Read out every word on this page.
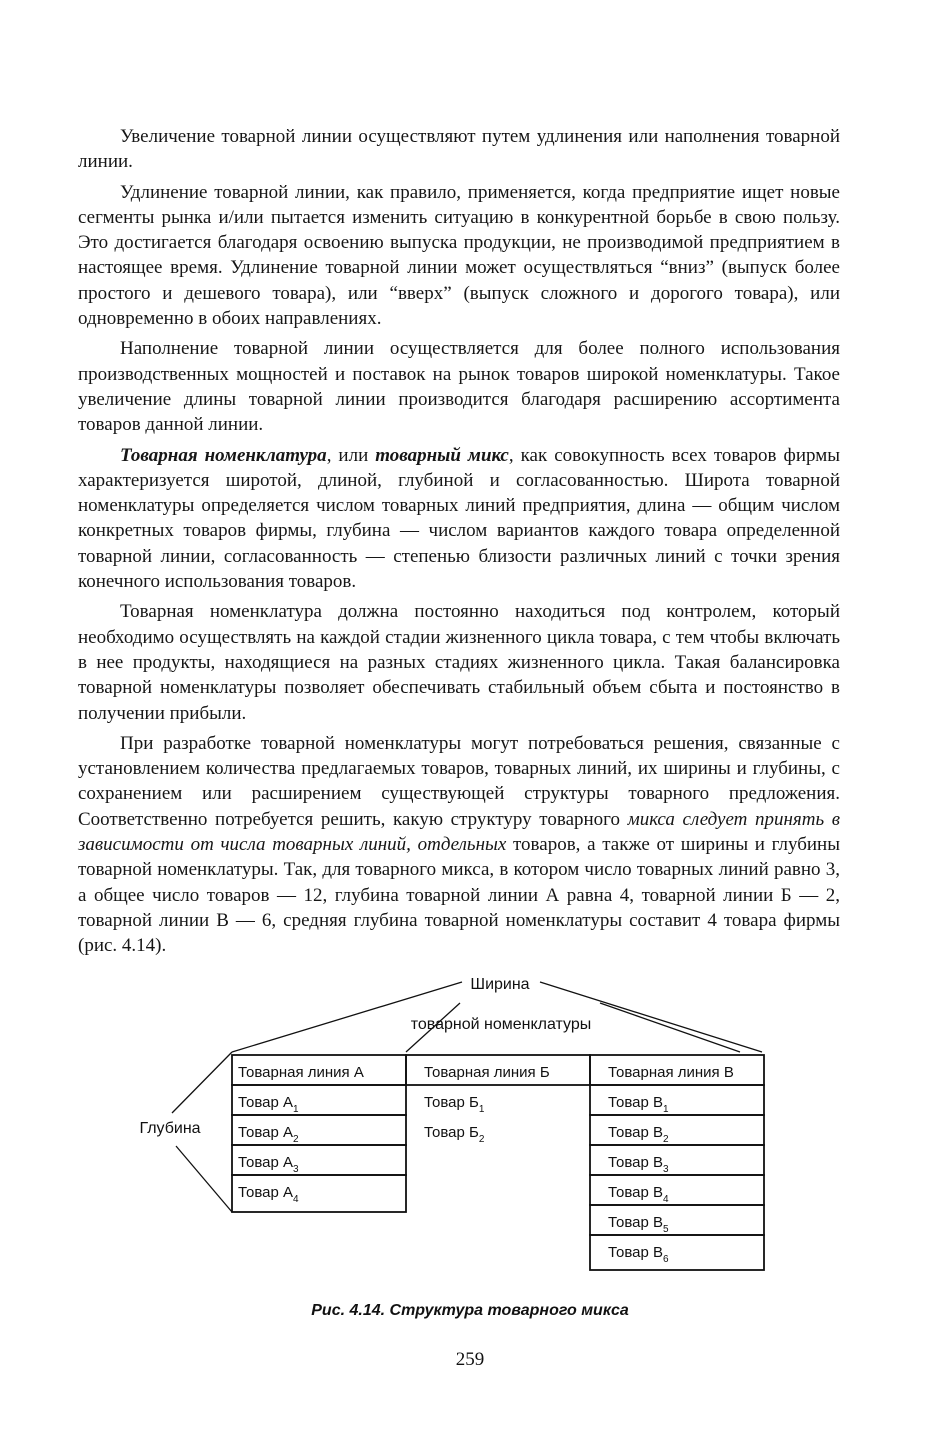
Увеличение товарной линии осуществляют путем удлинения или наполнения товарной линии.

Удлинение товарной линии, как правило, применяется, когда предприятие ищет новые сегменты рынка и/или пытается изменить ситуацию в конкурентной борьбе в свою пользу. Это достигается благодаря освоению выпуска продукции, не производимой предприятием в настоящее время. Удлинение товарной линии может осуществляться “вниз” (выпуск более простого и дешевого товара), или “вверх” (выпуск сложного и дорогого товара), или одновременно в обоих направлениях.

Наполнение товарной линии осуществляется для более полного использования производственных мощностей и поставок на рынок товаров широкой номенклатуры. Такое увеличение длины товарной линии производится благодаря расширению ассортимента товаров данной линии.

Товарная номенклатура, или товарный микс, как совокупность всех товаров фирмы характеризуется широтой, длиной, глубиной и согласованностью. Широта товарной номенклатуры определяется числом товарных линий предприятия, длина — общим числом конкретных товаров фирмы, глубина — числом вариантов каждого товара определенной товарной линии, согласованность — степенью близости различных линий с точки зрения конечного использования товаров.

Товарная номенклатура должна постоянно находиться под контролем, который необходимо осуществлять на каждой стадии жизненного цикла товара, с тем чтобы включать в нее продукты, находящиеся на разных стадиях жизненного цикла. Такая балансировка товарной номенклатуры позволяет обеспечивать стабильный объем сбыта и постоянство в получении прибыли.

При разработке товарной номенклатуры могут потребоваться решения, связанные с установлением количества предлагаемых товаров, товарных линий, их ширины и глубины, с сохранением или расширением существующей структуры товарного предложения. Соответственно потребуется решить, какую структуру товарного микса следует принять в зависимости от числа товарных линий, отдельных товаров, а также от ширины и глубины товарной номенклатуры. Так, для товарного микса, в котором число товарных линий равно 3, а общее число товаров — 12, глубина товарной линии А равна 4, товарной линии Б — 2, товарной линии В — 6, средняя глубина товарной номенклатуры составит 4 товара фирмы (рис. 4.14).

Ширина
товарной номенклатуры
Глубина
Товарная линия А
Товар $А_1$
Товар $А_2$
Товар $А_3$
Товар $А_4$
Товарная линия Б
Товар $Б_1$
Товар $Б_2$
Товарная линия В
Товар $В_1$
Товар $В_2$
Товар $В_3$
Товар $В_4$
Товар $В_5$
Товар $В_6$
Рис. 4.14. Структура товарного микса
259
